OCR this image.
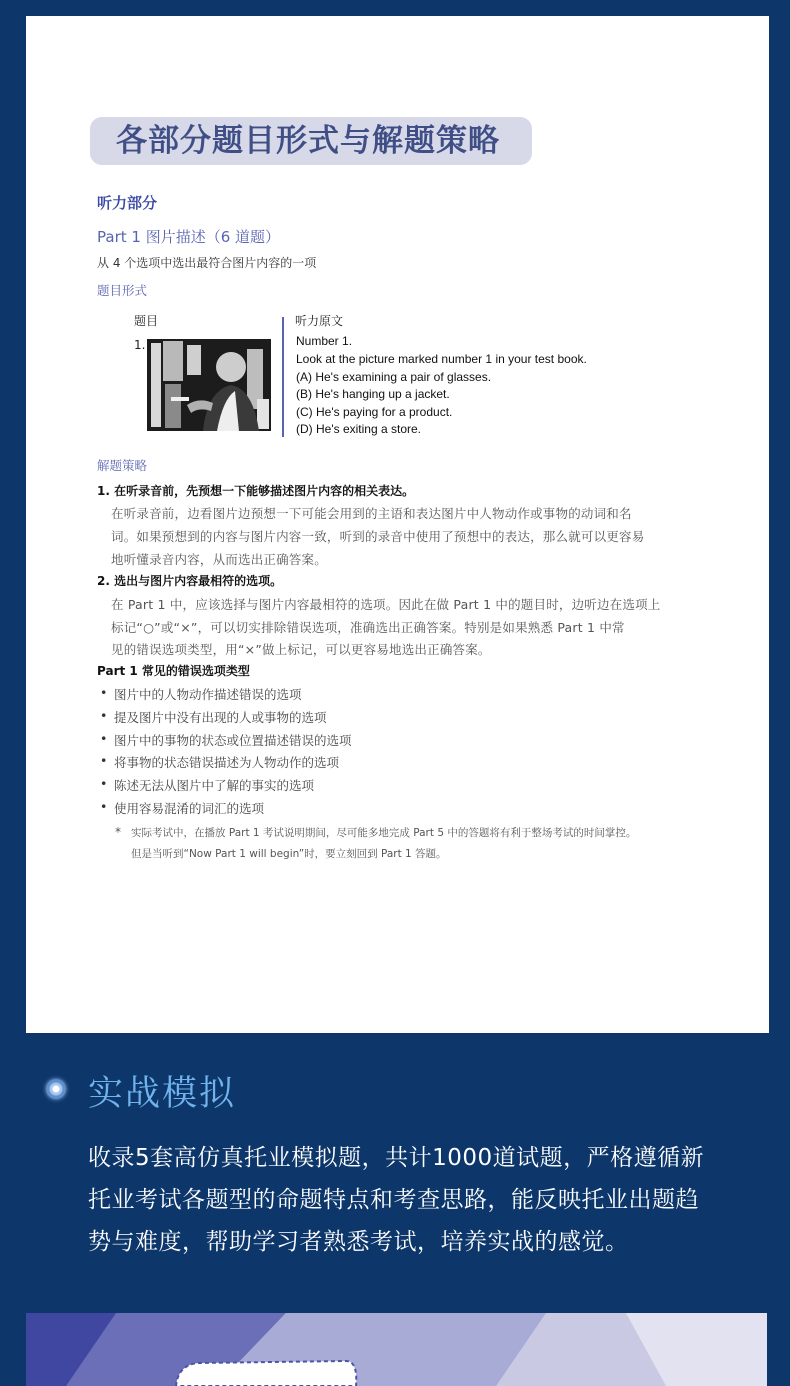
各部分题目形式与解题策略
听力部分
Part 1 图片描述（6 道题）
从 4 个选项中选出最符合图片内容的一项
题目形式
题目	听力原文
1.	Number 1.
Look at the picture marked number 1 in your test book.
(A) He's examining a pair of glasses.
(B) He's hanging up a jacket.
(C) He's paying for a product.
(D) He's exiting a store.
解题策略
1. 在听录音前，先预想一下能够描述图片内容的相关表达。
在听录音前，边看图片边预想一下可能会用到的主语和表达图片中人物动作或事物的动词和名
词。如果预想到的内容与图片内容一致，听到的录音中使用了预想中的表达，那么就可以更容易
地听懂录音内容，从而选出正确答案。
2. 选出与图片内容最相符的选项。
在 Part 1 中，应该选择与图片内容最相符的选项。因此在做 Part 1 中的题目时，边听边在选项上
标记“○”或“×”，可以切实排除错误选项，准确选出正确答案。特别是如果熟悉 Part 1 中常
见的错误选项类型，用“×”做上标记，可以更容易地选出正确答案。
Part 1 常见的错误选项类型
• 图片中的人物动作描述错误的选项
• 提及图片中没有出现的人或事物的选项
• 图片中的事物的状态或位置描述错误的选项
• 将事物的状态错误描述为人物动作的选项
• 陈述无法从图片中了解的事实的选项
• 使用容易混淆的词汇的选项
* 实际考试中，在播放 Part 1 考试说明期间，尽可能多地完成 Part 5 中的答题将有利于整场考试的时间掌控。
但是当听到“Now Part 1 will begin”时，要立刻回到 Part 1 答题。
实战模拟
收录5套高仿真托业模拟题，共计1000道试题，严格遵循新
托业考试各题型的命题特点和考查思路，能反映托业出题趋
势与难度，帮助学习者熟悉考试，培养实战的感觉。
